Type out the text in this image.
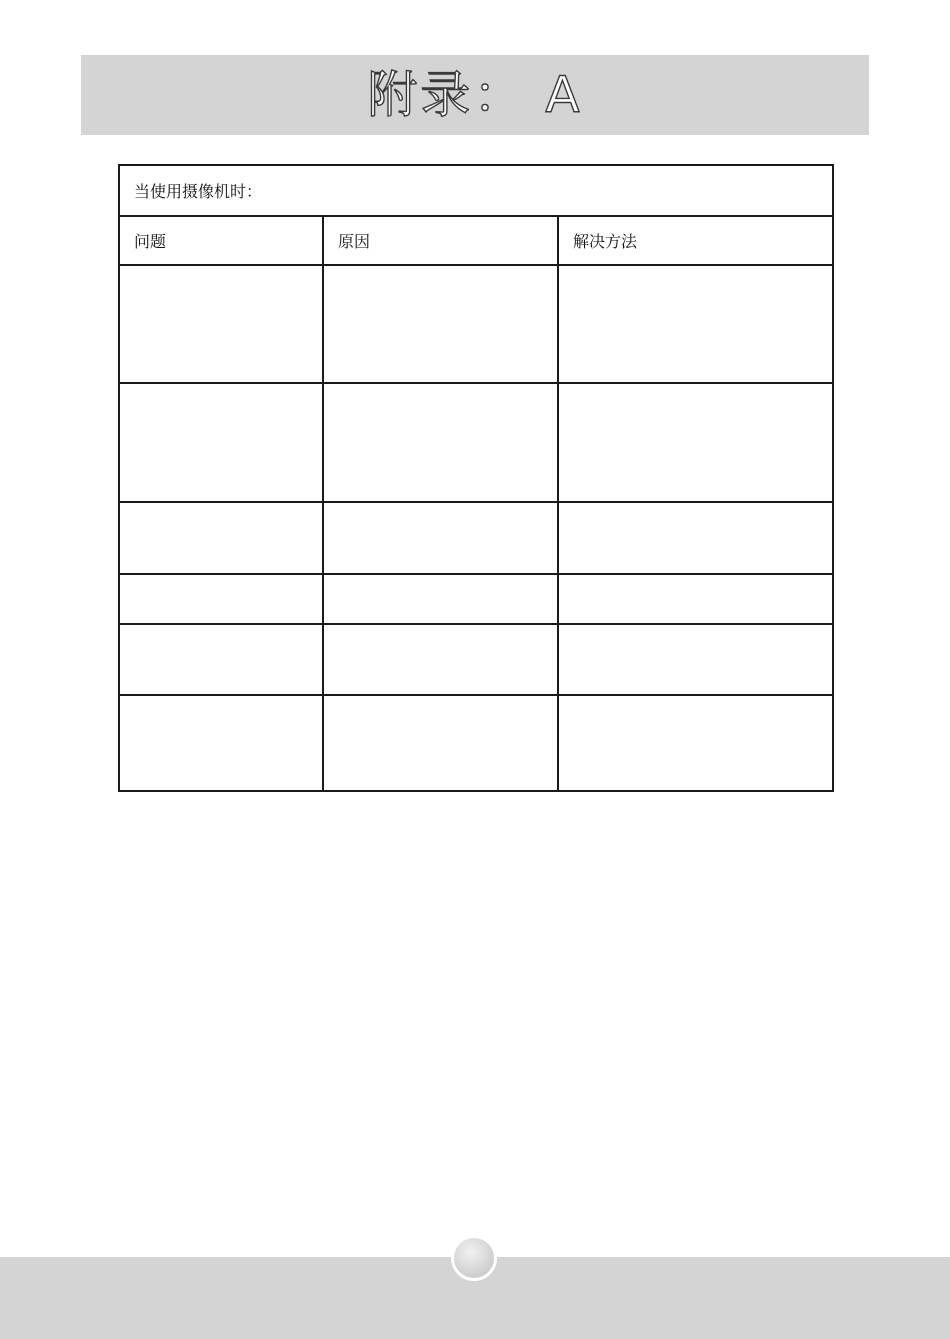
附录： A
当使用摄像机时：		
问题	原因	解决方法
